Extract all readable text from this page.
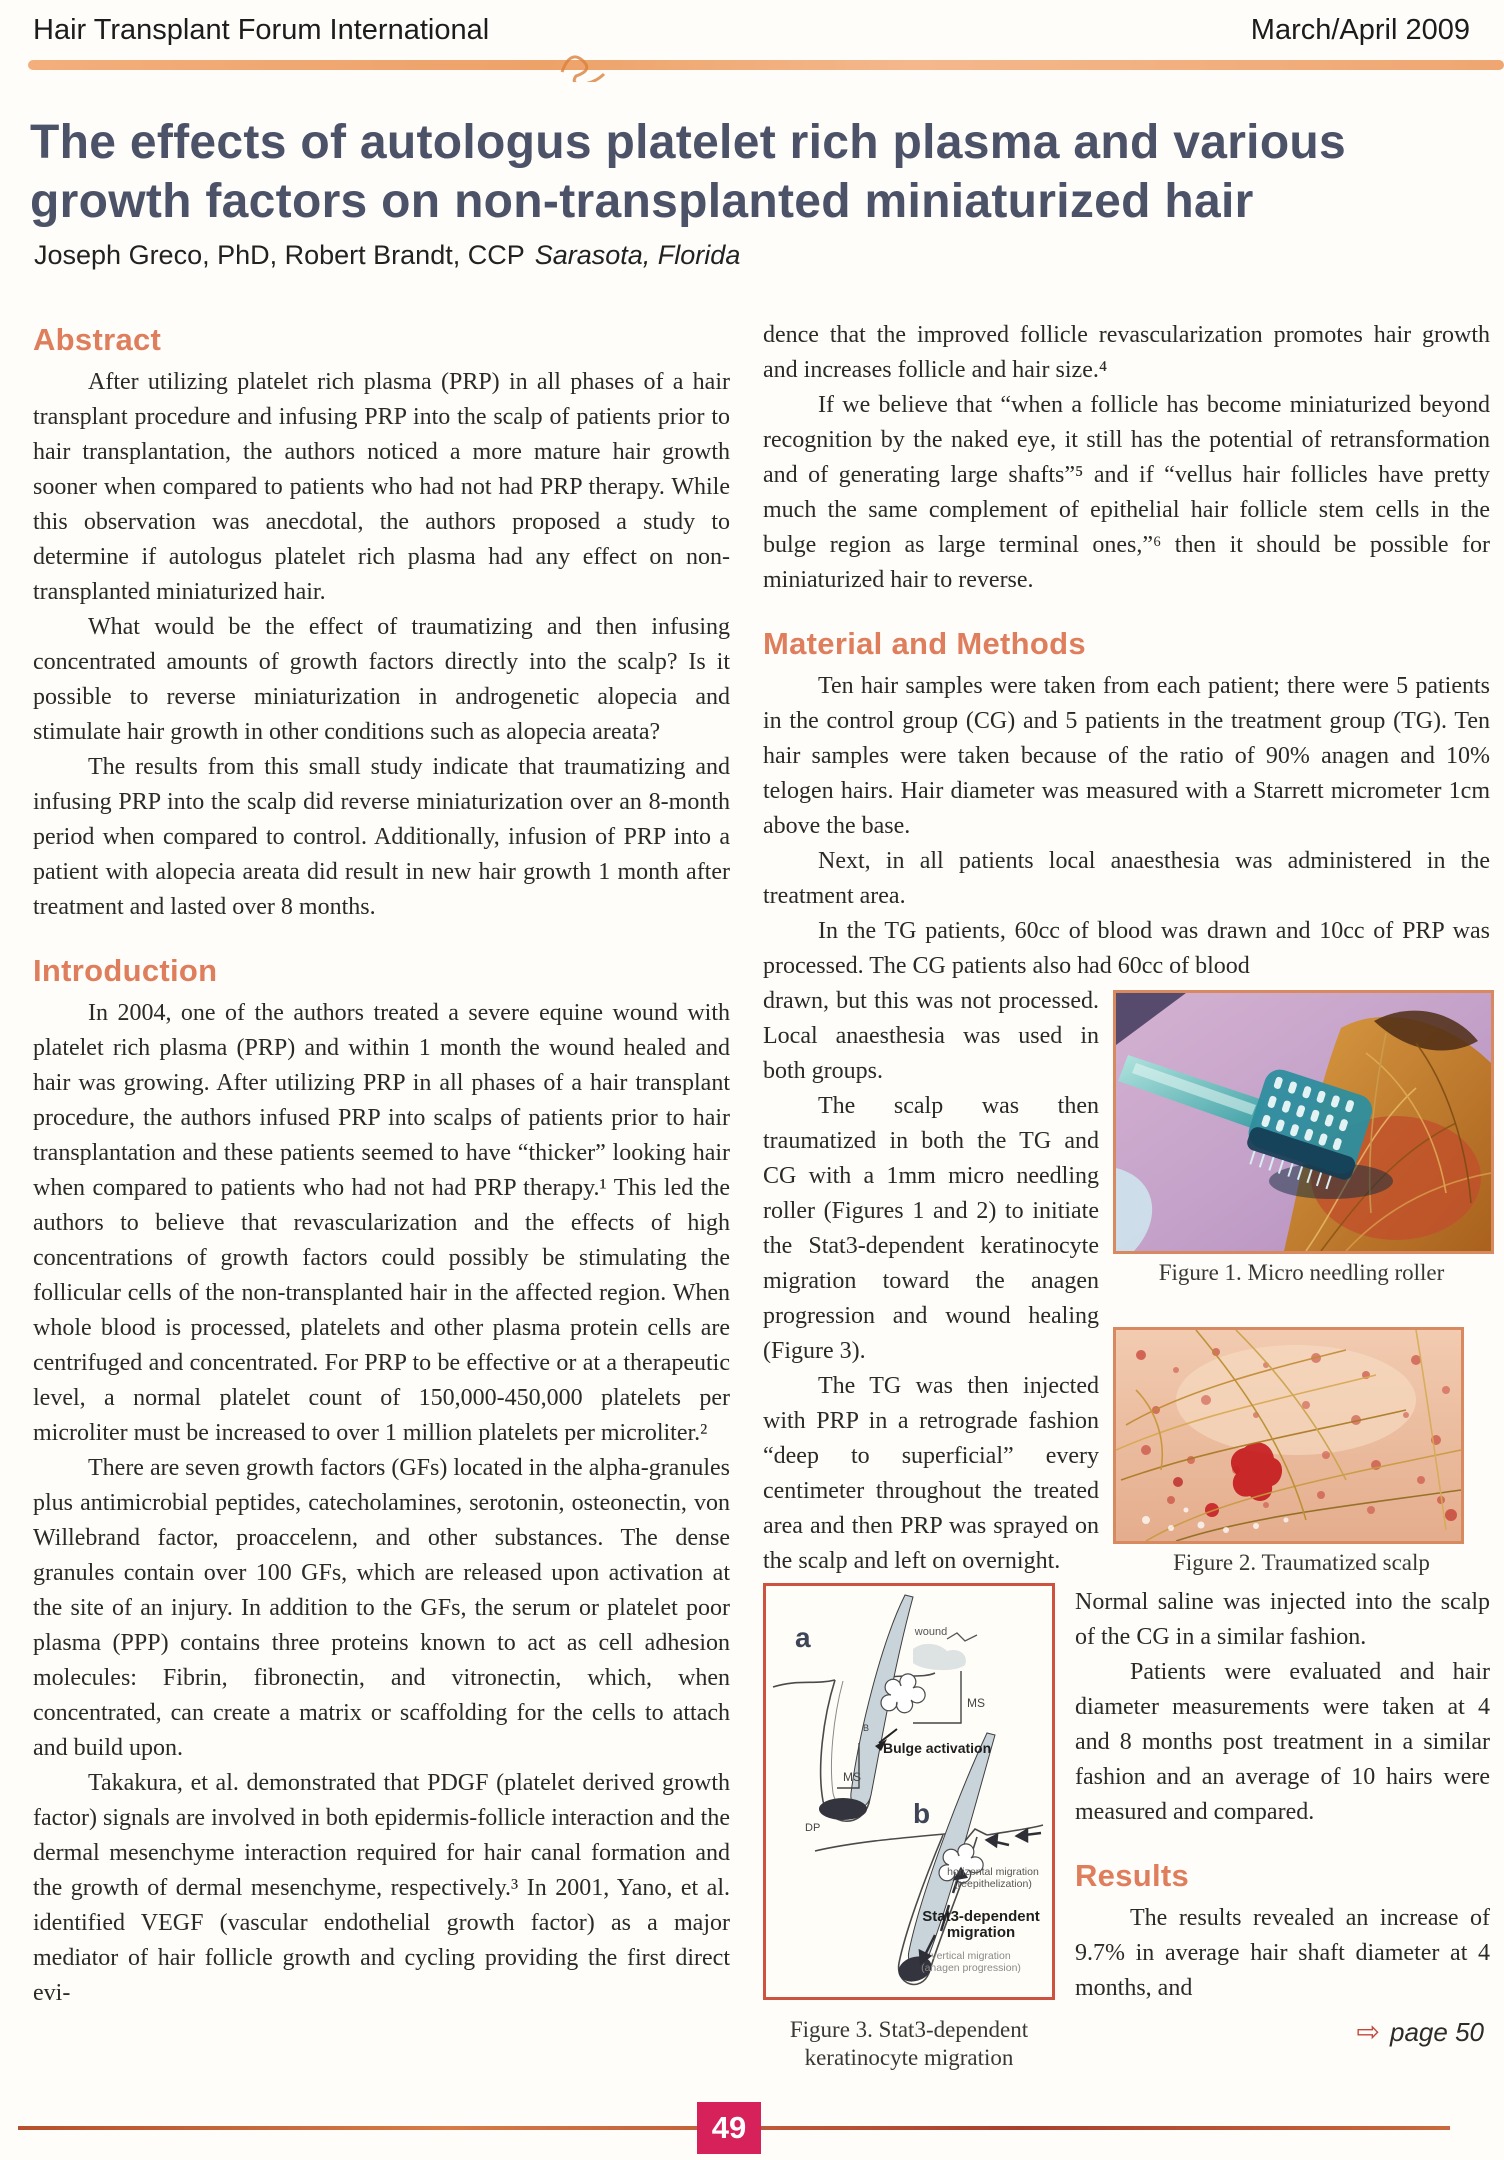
Hair Transplant Forum International	March/April 2009
The effects of autologus platelet rich plasma and various
growth factors on non-transplanted miniaturized hair
Joseph Greco, PhD, Robert Brandt, CCP Sarasota, Florida
Abstract

After utilizing platelet rich plasma (PRP) in all phases of a hair transplant procedure and infusing PRP into the scalp of patients prior to hair transplantation, the authors noticed a more mature hair growth sooner when compared to patients who had not had PRP therapy. While this observation was anecdotal, the authors proposed a study to determine if autologus platelet rich plasma had any effect on non-transplanted miniaturized hair.

What would be the effect of traumatizing and then infusing concentrated amounts of growth factors directly into the scalp? Is it possible to reverse miniaturization in androgenetic alopecia and stimulate hair growth in other conditions such as alopecia areata?

The results from this small study indicate that traumatizing and infusing PRP into the scalp did reverse miniaturization over an 8-month period when compared to control. Additionally, infusion of PRP into a patient with alopecia areata did result in new hair growth 1 month after treatment and lasted over 8 months.

Introduction

In 2004, one of the authors treated a severe equine wound with platelet rich plasma (PRP) and within 1 month the wound healed and hair was growing. After utilizing PRP in all phases of a hair transplant procedure, the authors infused PRP into scalps of patients prior to hair transplantation and these patients seemed to have “thicker” looking hair when compared to patients who had not had PRP therapy.¹ This led the authors to believe that revascularization and the effects of high concentrations of growth factors could possibly be stimulating the follicular cells of the non-transplanted hair in the affected region. When whole blood is processed, platelets and other plasma protein cells are centrifuged and concentrated. For PRP to be effective or at a therapeutic level, a normal platelet count of 150,000-450,000 platelets per microliter must be increased to over 1 million platelets per microliter.²

There are seven growth factors (GFs) located in the alpha-granules plus antimicrobial peptides, catecholamines, serotonin, osteonectin, von Willebrand factor, proaccelenn, and other substances. The dense granules contain over 100 GFs, which are released upon activation at the site of an injury. In addition to the GFs, the serum or platelet poor plasma (PPP) contains three proteins known to act as cell adhesion molecules: Fibrin, fibronectin, and vitronectin, which, when concentrated, can create a matrix or scaffolding for the cells to attach and build upon.

Takakura, et al. demonstrated that PDGF (platelet derived growth factor) signals are involved in both epidermis-follicle interaction and the dermal mesenchyme interaction required for hair canal formation and the growth of dermal mesenchyme, respectively.³ In 2001, Yano, et al. identified VEGF (vascular endothelial growth factor) as a major mediator of hair follicle growth and cycling providing the first direct evi-

dence that the improved follicle revascularization promotes hair growth and increases follicle and hair size.⁴

If we believe that “when a follicle has become miniaturized beyond recognition by the naked eye, it still has the potential of retransformation and of generating large shafts”⁵ and if “vellus hair follicles have pretty much the same complement of epithelial hair follicle stem cells in the bulge region as large terminal ones,”⁶ then it should be possible for miniaturized hair to reverse.

Material and Methods

Ten hair samples were taken from each patient; there were 5 patients in the control group (CG) and 5 patients in the treatment group (TG). Ten hair samples were taken because of the ratio of 90% anagen and 10% telogen hairs. Hair diameter was measured with a Starrett micrometer 1cm above the base.

Next, in all patients local anaesthesia was administered in the treatment area.

In the TG patients, 60cc of blood was drawn and 10cc of PRP was processed. The CG patients also had 60cc of blood

Figure 1. Micro needling roller
Figure 2. Traumatized scalp

drawn, but this was not processed. Local anaesthesia was used in both groups.

The scalp was then traumatized in both the TG and CG with a 1mm micro needling roller (Figures 1 and 2) to initiate the Stat3-dependent keratinocyte migration toward the anagen progression and wound healing (Figure 3).

The TG was then injected with PRP in a retrograde fashion “deep to superficial” every centimeter throughout the treated area and then PRP was sprayed on the scalp and left on overnight.

a	wound
MS
B
Bulge activation
MS
DP	b
horizontal migration
(reepithelization)
Stat3-dependent
migration
vertical migration
(anagen progression)
Figure 3. Stat3-dependent
keratinocyte migration

Normal saline was injected into the scalp of the CG in a similar fashion.

Patients were evaluated and hair diameter measurements were taken at 4 and 8 months post treatment in a similar fashion and an average of 10 hairs were measured and compared.

Results

The results revealed an increase of 9.7% in average hair shaft diameter at 4 months, and

⇨ page 50
49
